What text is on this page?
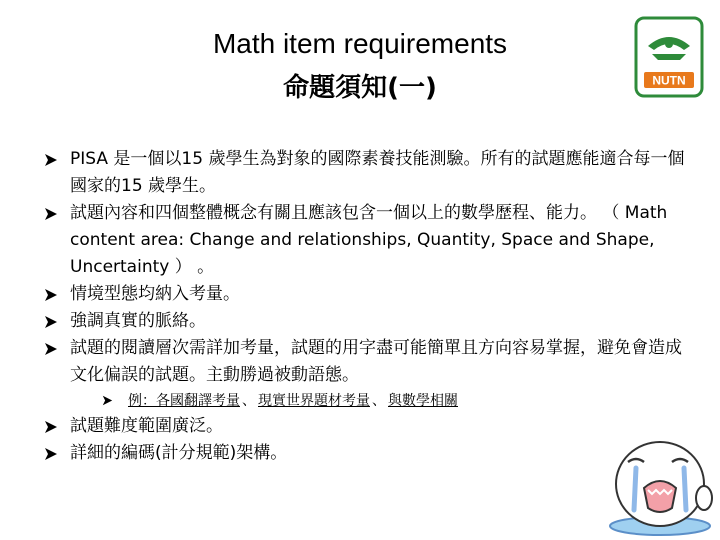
Math item requirements
命題須知(一)	NUTN
PISA 是一個以15 歲學生為對象的國際素養技能測驗。所有的試題應能適合每一個國家的15 歲學生。
試題內容和四個整體概念有關且應該包含一個以上的數學歷程、能力。 （ Math content area: Change and relationships, Quantity, Space and Shape, Uncertainty ） 。
情境型態均納入考量。
強調真實的脈絡。
試題的閱讀層次需詳加考量，試題的用字盡可能簡單且方向容易掌握，避免會造成文化偏誤的試題。主動勝過被動語態。
例：各國翻譯考量 、 現實世界題材考量 、 與數學相關
試題難度範圍廣泛。
詳細的編碼(計分規範)架構。
